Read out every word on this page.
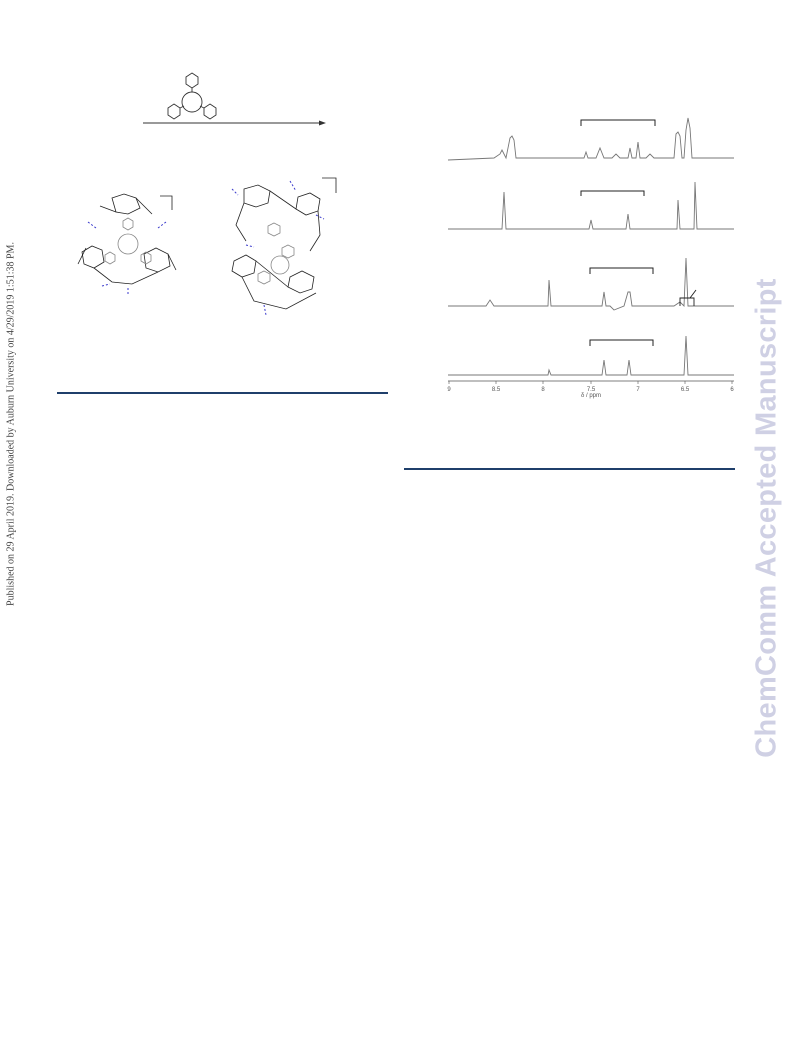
Published on 29 April 2019. Downloaded by Auburn University on 4/29/2019 1:51:38 PM.	ChemComm Accepted Manuscript
9	8.5	8	7.5	7	6.5	6
δ / ppm
